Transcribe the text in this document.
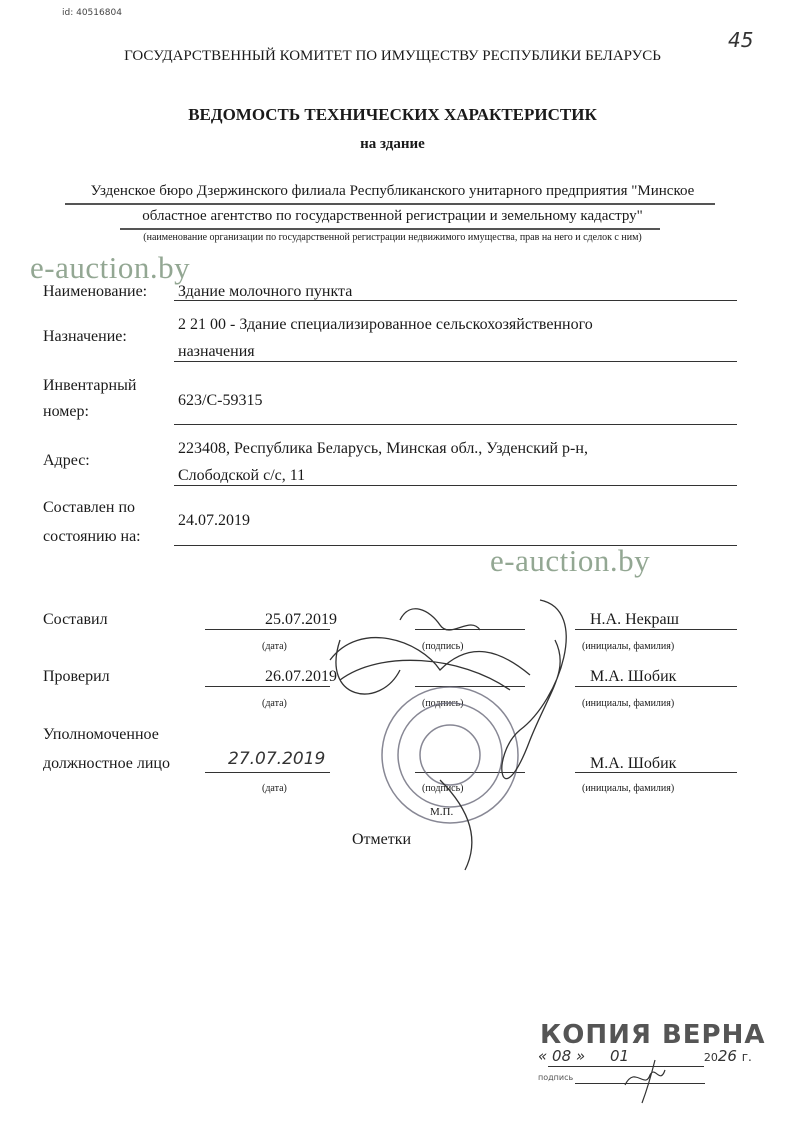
id: 40516804
45
ГОСУДАРСТВЕННЫЙ КОМИТЕТ ПО ИМУЩЕСТВУ РЕСПУБЛИКИ БЕЛАРУСЬ
ВЕДОМОСТЬ ТЕХНИЧЕСКИХ ХАРАКТЕРИСТИК
на здание
Узденское бюро Дзержинского филиала Республиканского унитарного предприятия "Минское
областное агентство по государственной регистрации и земельному кадастру"
(наименование организации по государственной регистрации недвижимого имущества, прав на него и сделок с ним)
Наименование: Здание молочного пункта
Назначение:
2 21 00 - Здание специализированное сельскохозяйственного
назначения
Инвентарный
номер:
623/С-59315
Адрес:
223408, Республика Беларусь, Минская обл., Узденский р-н,
Слободской с/с, 11
Составлен по
состоянию на:
24.07.2019
Составил	25.07.2019	Н.А. Некраш
(дата)	(подпись)	(инициалы, фамилия)
Проверил	26.07.2019	М.А. Шобик
(дата)	(подпись)	(инициалы, фамилия)
Уполномоченное
должностное лицо	27.07.2019	М.А. Шобик
(дата)	(подпись)	(инициалы, фамилия)
М.П.
Отметки
e-auction.by
e-auction.by
КОПИЯ ВЕРНА
« 08 » 01	2026 г.
подпись
